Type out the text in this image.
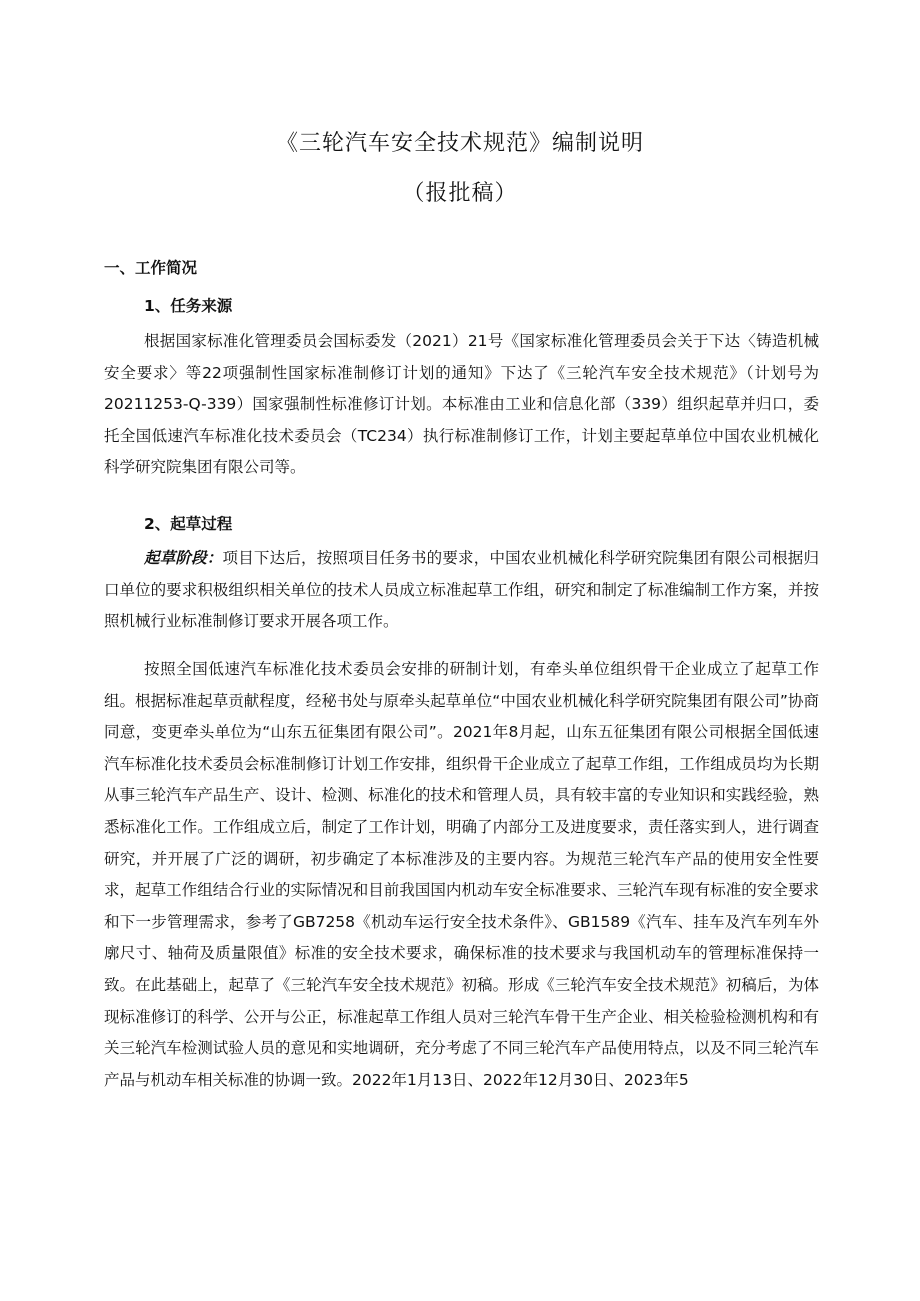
《三轮汽车安全技术规范》编制说明
（报批稿）
一、工作简况
1、任务来源

根据国家标准化管理委员会国标委发（2021）21号《国家标准化管理委员会关于下达〈铸造机械安全要求〉等22项强制性国家标准制修订计划的通知》下达了《三轮汽车安全技术规范》（计划号为20211253-Q-339）国家强制性标准修订计划。本标准由工业和信息化部（339）组织起草并归口，委托全国低速汽车标准化技术委员会（TC234）执行标准制修订工作，计划主要起草单位中国农业机械化科学研究院集团有限公司等。

2、起草过程

起草阶段：项目下达后，按照项目任务书的要求，中国农业机械化科学研究院集团有限公司根据归口单位的要求积极组织相关单位的技术人员成立标准起草工作组，研究和制定了标准编制工作方案，并按照机械行业标准制修订要求开展各项工作。

按照全国低速汽车标准化技术委员会安排的研制计划，有牵头单位组织骨干企业成立了起草工作组。根据标准起草贡献程度，经秘书处与原牵头起草单位“中国农业机械化科学研究院集团有限公司”协商同意，变更牵头单位为“山东五征集团有限公司”。2021年8月起，山东五征集团有限公司根据全国低速汽车标准化技术委员会标准制修订计划工作安排，组织骨干企业成立了起草工作组，工作组成员均为长期从事三轮汽车产品生产、设计、检测、标准化的技术和管理人员，具有较丰富的专业知识和实践经验，熟悉标准化工作。工作组成立后，制定了工作计划，明确了内部分工及进度要求，责任落实到人，进行调查研究，并开展了广泛的调研，初步确定了本标准涉及的主要内容。为规范三轮汽车产品的使用安全性要求，起草工作组结合行业的实际情况和目前我国国内机动车安全标准要求、三轮汽车现有标准的安全要求和下一步管理需求，参考了GB7258《机动车运行安全技术条件》、GB1589《汽车、挂车及汽车列车外廓尺寸、轴荷及质量限值》标准的安全技术要求，确保标准的技术要求与我国机动车的管理标准保持一致。在此基础上，起草了《三轮汽车安全技术规范》初稿。形成《三轮汽车安全技术规范》初稿后，为体现标准修订的科学、公开与公正，标准起草工作组人员对三轮汽车骨干生产企业、相关检验检测机构和有关三轮汽车检测试验人员的意见和实地调研，充分考虑了不同三轮汽车产品使用特点，以及不同三轮汽车产品与机动车相关标准的协调一致。2022年1月13日、2022年12月30日、2023年5
